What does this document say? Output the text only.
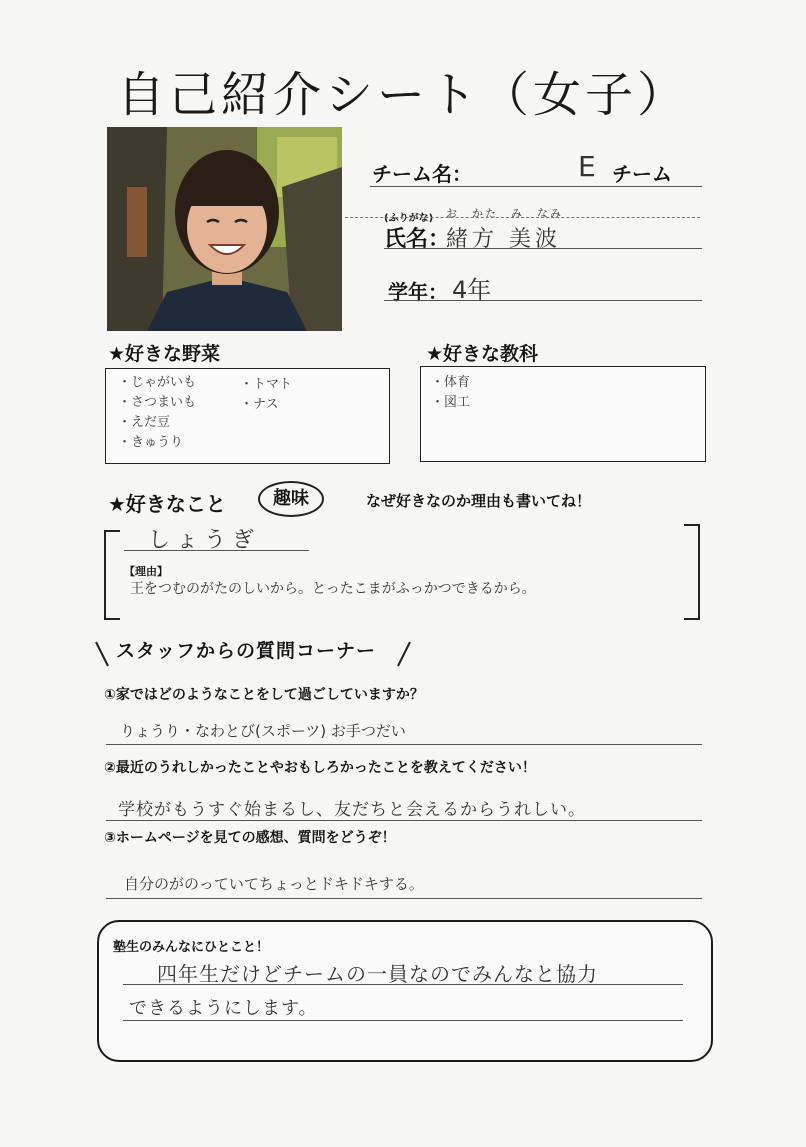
自己紹介シート（女子）
チーム名：	E チーム
(ふりがな) お　かた　み　なみ
氏名：
緒方 美波
学年： 4年
★好きな野菜
・じゃがいも
・さつまいも
・えだ豆
・きゅうり
・トマト
・ナス
★好きな教科
・体育
・図工
★好きなこと	趣味	なぜ好きなのか理由も書いてね！
しょうぎ
【理由】
王をつむのがたのしいから。とったこまがふっかつできるから。
スタッフからの質問コーナー
①家ではどのようなことをして過ごしていますか？
りょうり・なわとび(スポーツ) お手つだい
②最近のうれしかったことやおもしろかったことを教えてください！
学校がもうすぐ始まるし、友だちと会えるからうれしい。
③ホームページを見ての感想、質問をどうぞ！
自分のがのっていてちょっとドキドキする。
塾生のみんなにひとこと！
四年生だけどチームの一員なのでみんなと協力
できるようにします。
